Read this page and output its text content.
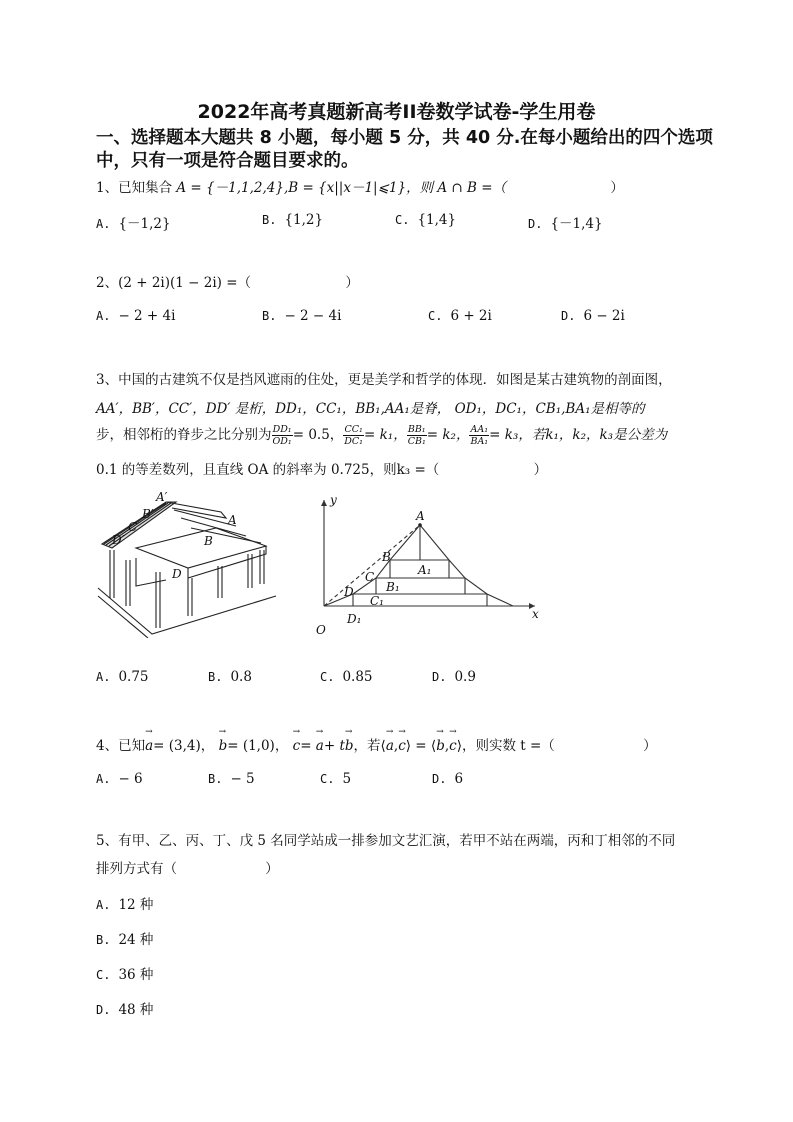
2022年高考真题新高考II卷数学试卷-学生用卷
一、选择题本大题共 8 小题，每小题 5 分，共 40 分.在每小题给出的四个选项
中，只有一项是符合题目要求的。
1、已知集合 A = {－1,1,2,4},B = {x||x－1|⩽1}，则 A ∩ B =（	）
A. {－1,2}	B. {1,2}	C. {1,4}	D. {－1,4}
2、(2 + 2i)(1 − 2i) =（	）
A. − 2 + 4i	B. − 2 − 4i	C. 6 + 2i	D. 6 − 2i
3、中国的古建筑不仅是挡风遮雨的住处，更是美学和哲学的体现．如图是某古建筑物的剖面图，
AA′，BB′，CC′，DD′ 是桁，DD₁，CC₁，BB₁,AA₁是脊， OD₁，DC₁，CB₁,BA₁是相等的
步，相邻桁的脊步之比分别为 $\frac{\text{DD₁}}{\text{OD₁}} = 0.5$， $\frac{\text{CC₁}}{\text{DC₁}} = k_1$， $\frac{\text{BB₁}}{\text{CB₁}} = k_2$， $\frac{\text{AA₁}}{\text{BA₁}} = k_3$，若k₁，k₂，k₃是公差为
0.1 的等差数列，且直线 OA 的斜率为 0.725，则k₃ =（	）
A′
B′
C′
D′
A
B
D
y
x
O
A
B
C
D
A₁
B₁
C₁
D₁
A. 0.75	B. 0.8	C. 0.85	D. 0.9
4、已知→ a= (3,4)， → b= (1,0)， → c= → a+ t→ b，若⟨→ a,→ c⟩ = ⟨→ b,→ c⟩，则实数 t =（	）
A. − 6	B. − 5	C. 5	D. 6
5、有甲、乙、丙、丁、戊 5 名同学站成一排参加文艺汇演，若甲不站在两端，丙和丁相邻的不同
排列方式有（	）
A. 12 种
B. 24 种
C. 36 种
D. 48 种
